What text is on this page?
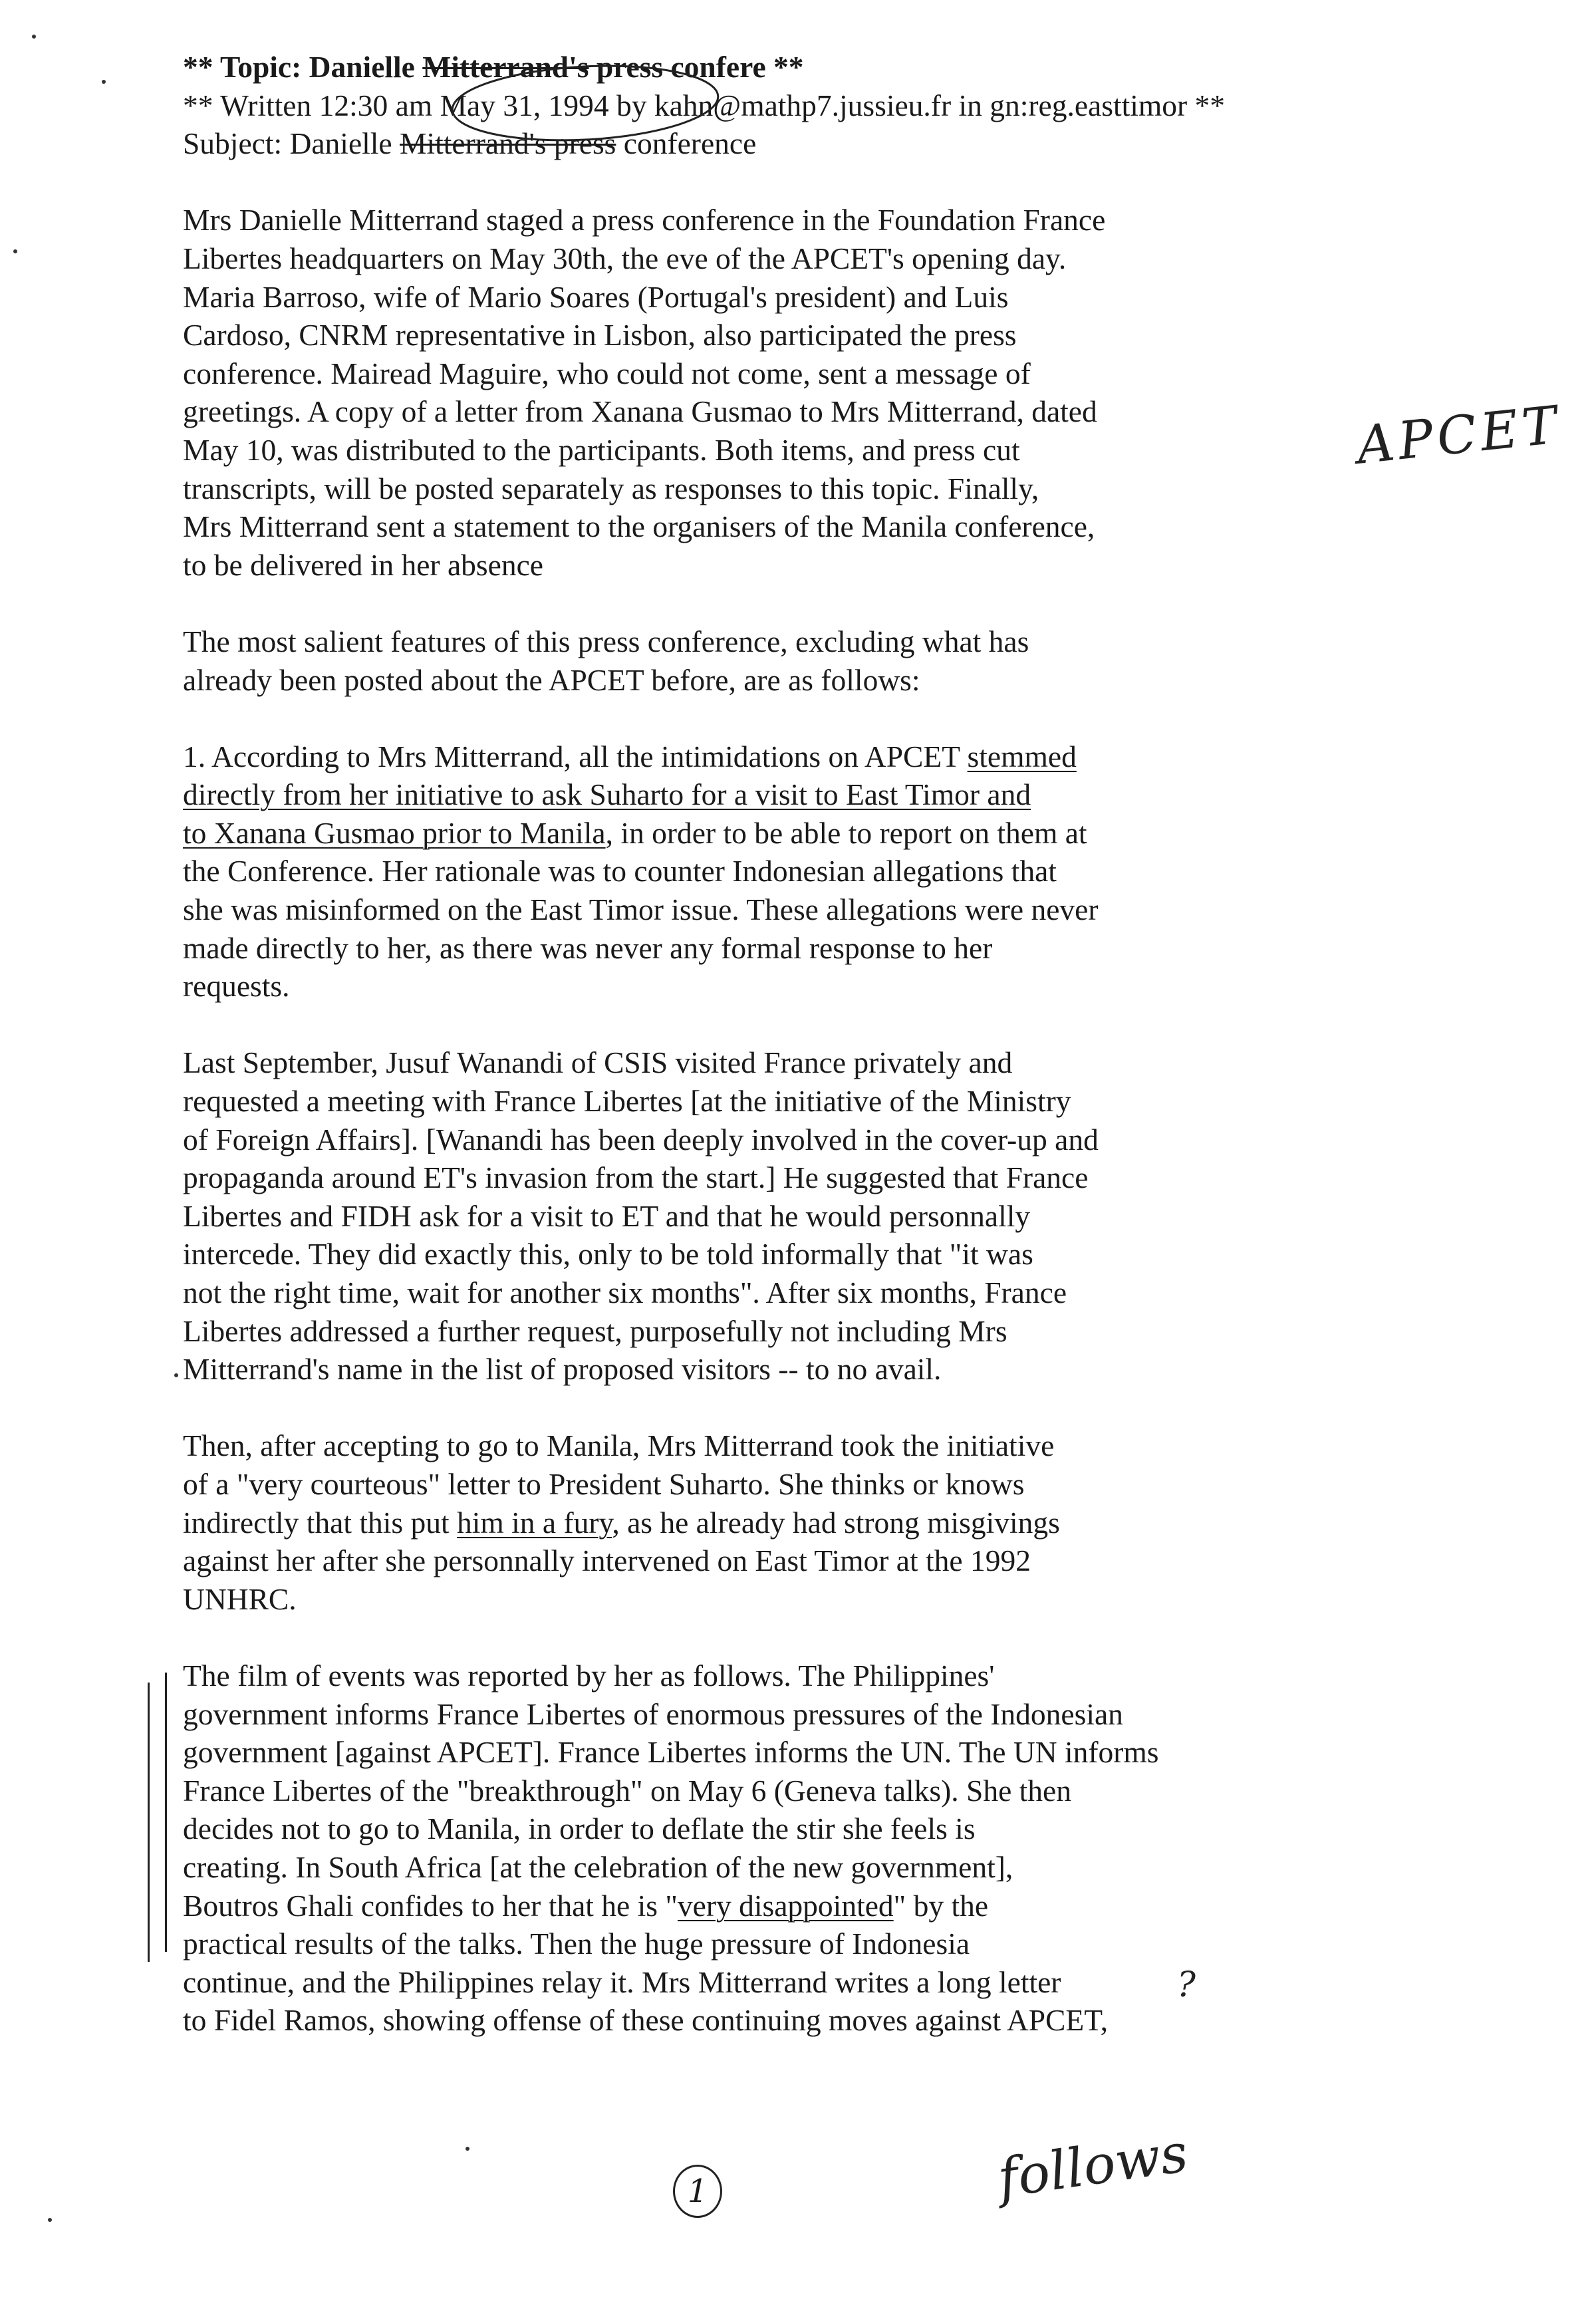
** Topic: Danielle Mitterrand's press confere **
** Written 12:30 am May 31, 1994 by kahn@mathp7.jussieu.fr in gn:reg.easttimor **
Subject: Danielle Mitterrand's press conference
Mrs Danielle Mitterrand staged a press conference in the Foundation France
Libertes headquarters on May 30th, the eve of the APCET's opening day.
Maria Barroso, wife of Mario Soares (Portugal's president) and Luis
Cardoso, CNRM representative in Lisbon, also participated the press
conference. Mairead Maguire, who could not come, sent a message of
greetings. A copy of a letter from Xanana Gusmao to Mrs Mitterrand, dated
May 10, was distributed to the participants. Both items, and press cut
transcripts, will be posted separately as responses to this topic. Finally,
Mrs Mitterrand sent a statement to the organisers of the Manila conference,
to be delivered in her absence
The most salient features of this press conference, excluding what has
already been posted about the APCET before, are as follows:
1. According to Mrs Mitterrand, all the intimidations on APCET stemmed
directly from her initiative to ask Suharto for a visit to East Timor and
to Xanana Gusmao prior to Manila, in order to be able to report on them at
the Conference. Her rationale was to counter Indonesian allegations that
she was misinformed on the East Timor issue. These allegations were never
made directly to her, as there was never any formal response to her
requests.
Last September, Jusuf Wanandi of CSIS visited France privately and
requested a meeting with France Libertes [at the initiative of the Ministry
of Foreign Affairs]. [Wanandi has been deeply involved in the cover-up and
propaganda around ET's invasion from the start.] He suggested that France
Libertes and FIDH ask for a visit to ET and that he would personnally
intercede. They did exactly this, only to be told informally that "it was
not the right time, wait for another six months". After six months, France
Libertes addressed a further request, purposefully not including Mrs
Mitterrand's name in the list of proposed visitors -- to no avail.
Then, after accepting to go to Manila, Mrs Mitterrand took the initiative
of a "very courteous" letter to President Suharto. She thinks or knows
indirectly that this put him in a fury, as he already had strong misgivings
against her after she personnally intervened on East Timor at the 1992
UNHRC.
The film of events was reported by her as follows. The Philippines'
government informs France Libertes of enormous pressures of the Indonesian
government [against APCET]. France Libertes informs the UN. The UN informs
France Libertes of the "breakthrough" on May 6 (Geneva talks). She then
decides not to go to Manila, in order to deflate the stir she feels is
creating. In South Africa [at the celebration of the new government],
Boutros Ghali confides to her that he is "very disappointed" by the
practical results of the talks. Then the huge pressure of Indonesia
continue, and the Philippines relay it. Mrs Mitterrand writes a long letter
to Fidel Ramos, showing offense of these continuing moves against APCET,
APCET
?
1	follows
